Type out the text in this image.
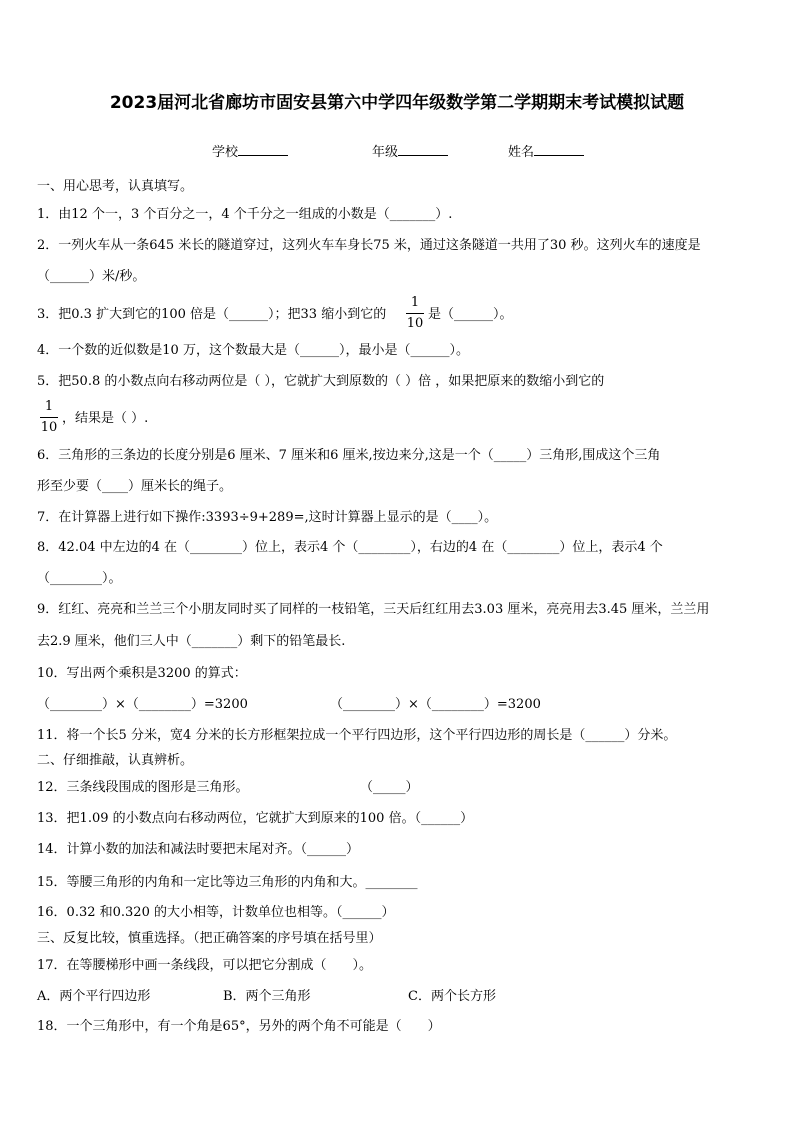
2023届河北省廊坊市固安县第六中学四年级数学第二学期期末考试模拟试题
学校	年级	姓名
一、用心思考，认真填写。
1．由12 个一，3 个百分之一，4 个千分之一组成的小数是（_______）.
2．一列火车从一条645 米长的隧道穿过，这列火车车身长75 米，通过这条隧道一共用了30 秒。这列火车的速度是
（______）米/秒。
3．把0.3 扩大到它的100 倍是（______）；把33 缩小到它的
1
10
是（______）。
4．一个数的近似数是10 万，这个数最大是（______），最小是（______）。
5．把50.8 的小数点向右移动两位是（ ），它就扩大到原数的（ ）倍 ，如果把原来的数缩小到它的
1
10
，结果是（ ）.
6．三角形的三条边的长度分别是6 厘米、7 厘米和6 厘米,按边来分,这是一个（_____）三角形,围成这个三角
形至少要（____）厘米长的绳子。
7．在计算器上进行如下操作:3393÷9+289=,这时计算器上显示的是（____）。
8．42.04 中左边的4 在（________）位上，表示4 个（________），右边的4 在（________）位上，表示4 个
（________）。
9．红红、亮亮和兰兰三个小朋友同时买了同样的一枝铅笔，三天后红红用去3.03 厘米，亮亮用去3.45 厘米，兰兰用
去2.9 厘米，他们三人中（_______）剩下的铅笔最长.
10．写出两个乘积是3200 的算式：
（________）×（________）=3200	（________）×（________）=3200
11．将一个长5 分米，宽4 分米的长方形框架拉成一个平行四边形，这个平行四边形的周长是（______）分米。
二、仔细推敲，认真辨析。
12．三条线段围成的图形是三角形。	（_____）
13．把1.09 的小数点向右移动两位，它就扩大到原来的100 倍。（______）
14．计算小数的加法和减法时要把末尾对齐。（______）
15．等腰三角形的内角和一定比等边三角形的内角和大。________
16．0.32 和0.320 的大小相等，计数单位也相等。（______）
三、反复比较，慎重选择。（把正确答案的序号填在括号里）
17．在等腰梯形中画一条线段，可以把它分割成（　　）。
A．两个平行四边形	B．两个三角形	C．两个长方形
18．一个三角形中，有一个角是65°，另外的两个角不可能是（　　）
